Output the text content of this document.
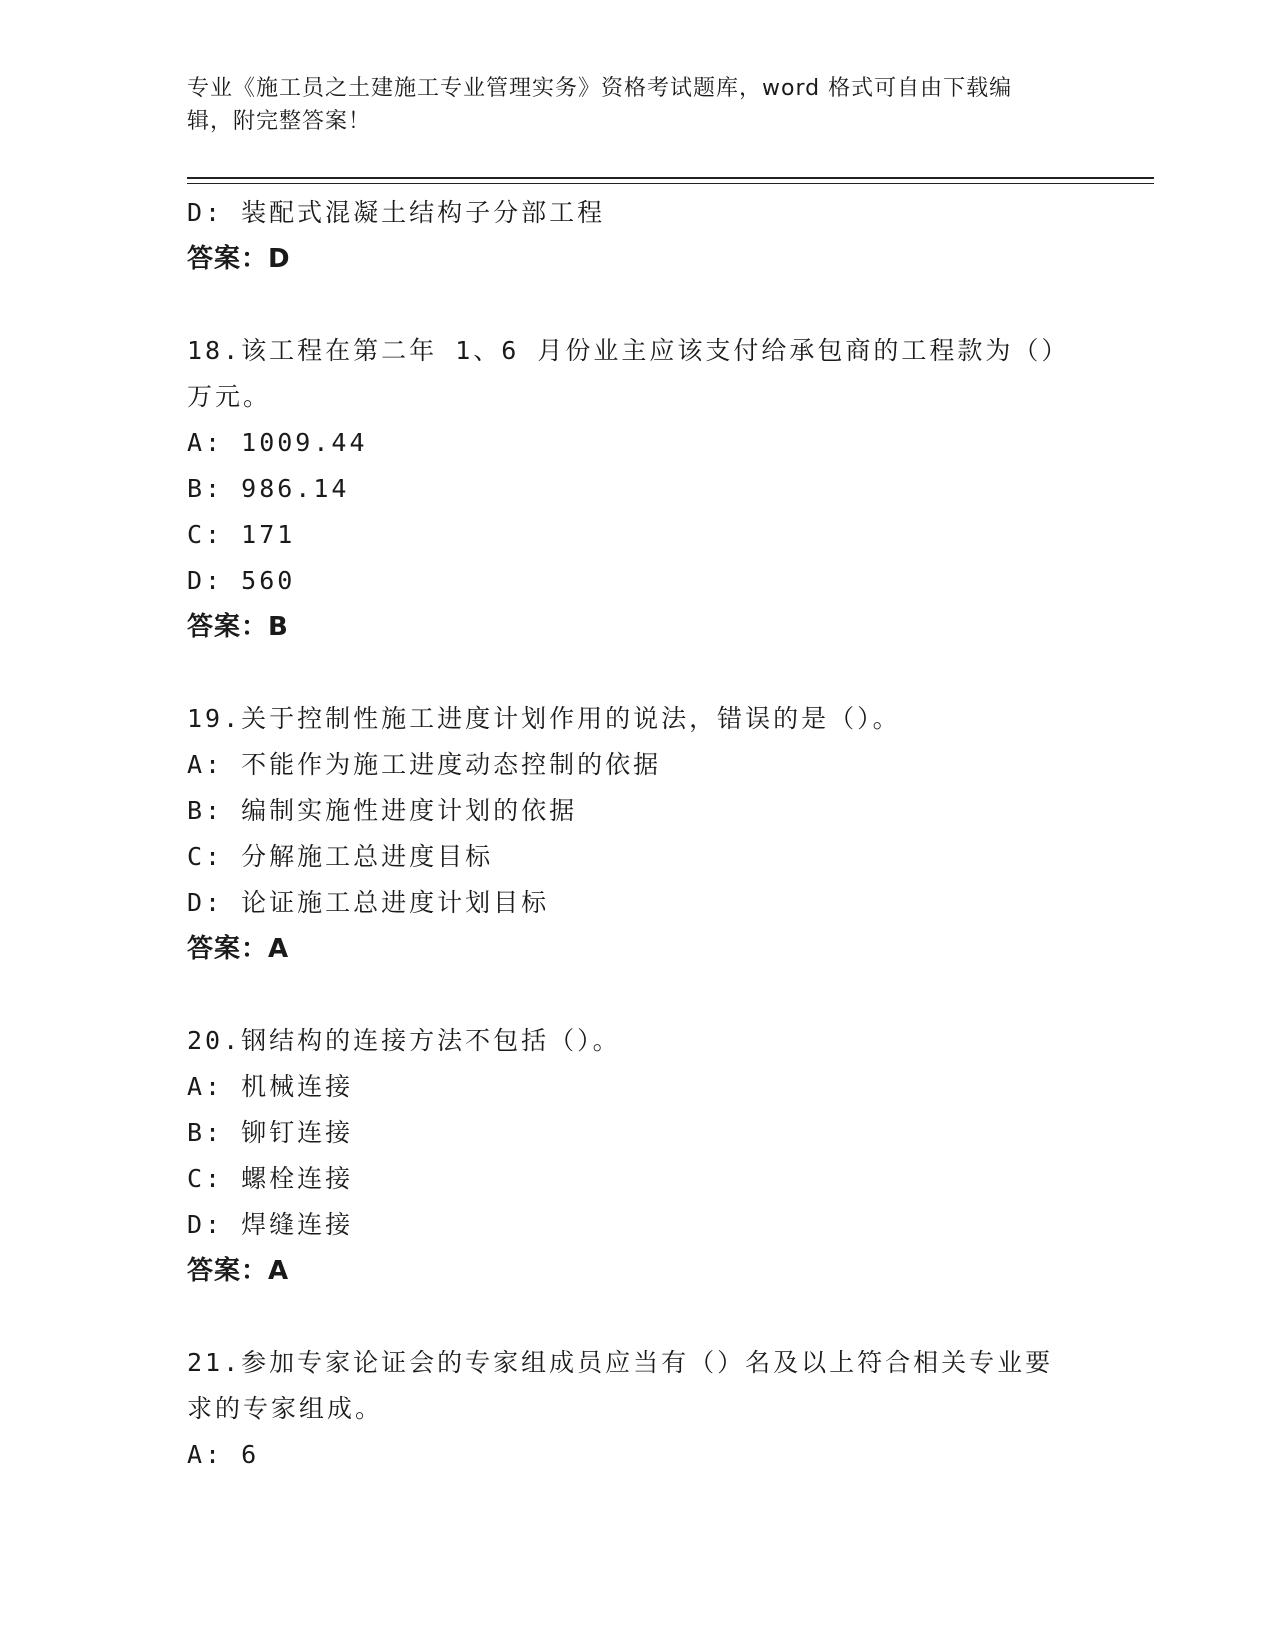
专业《施工员之土建施工专业管理实务》资格考试题库，word 格式可自由下载编
辑，附完整答案！
D: 装配式混凝土结构子分部工程
答案：D
18.该工程在第二年 1、6 月份业主应该支付给承包商的工程款为（）
万元。
A: 1009.44
B: 986.14
C: 171
D: 560
答案：B
19.关于控制性施工进度计划作用的说法，错误的是（）。
A: 不能作为施工进度动态控制的依据
B: 编制实施性进度计划的依据
C: 分解施工总进度目标
D: 论证施工总进度计划目标
答案：A
20.钢结构的连接方法不包括（）。
A: 机械连接
B: 铆钉连接
C: 螺栓连接
D: 焊缝连接
答案：A
21.参加专家论证会的专家组成员应当有（）名及以上符合相关专业要
求的专家组成。
A: 6
